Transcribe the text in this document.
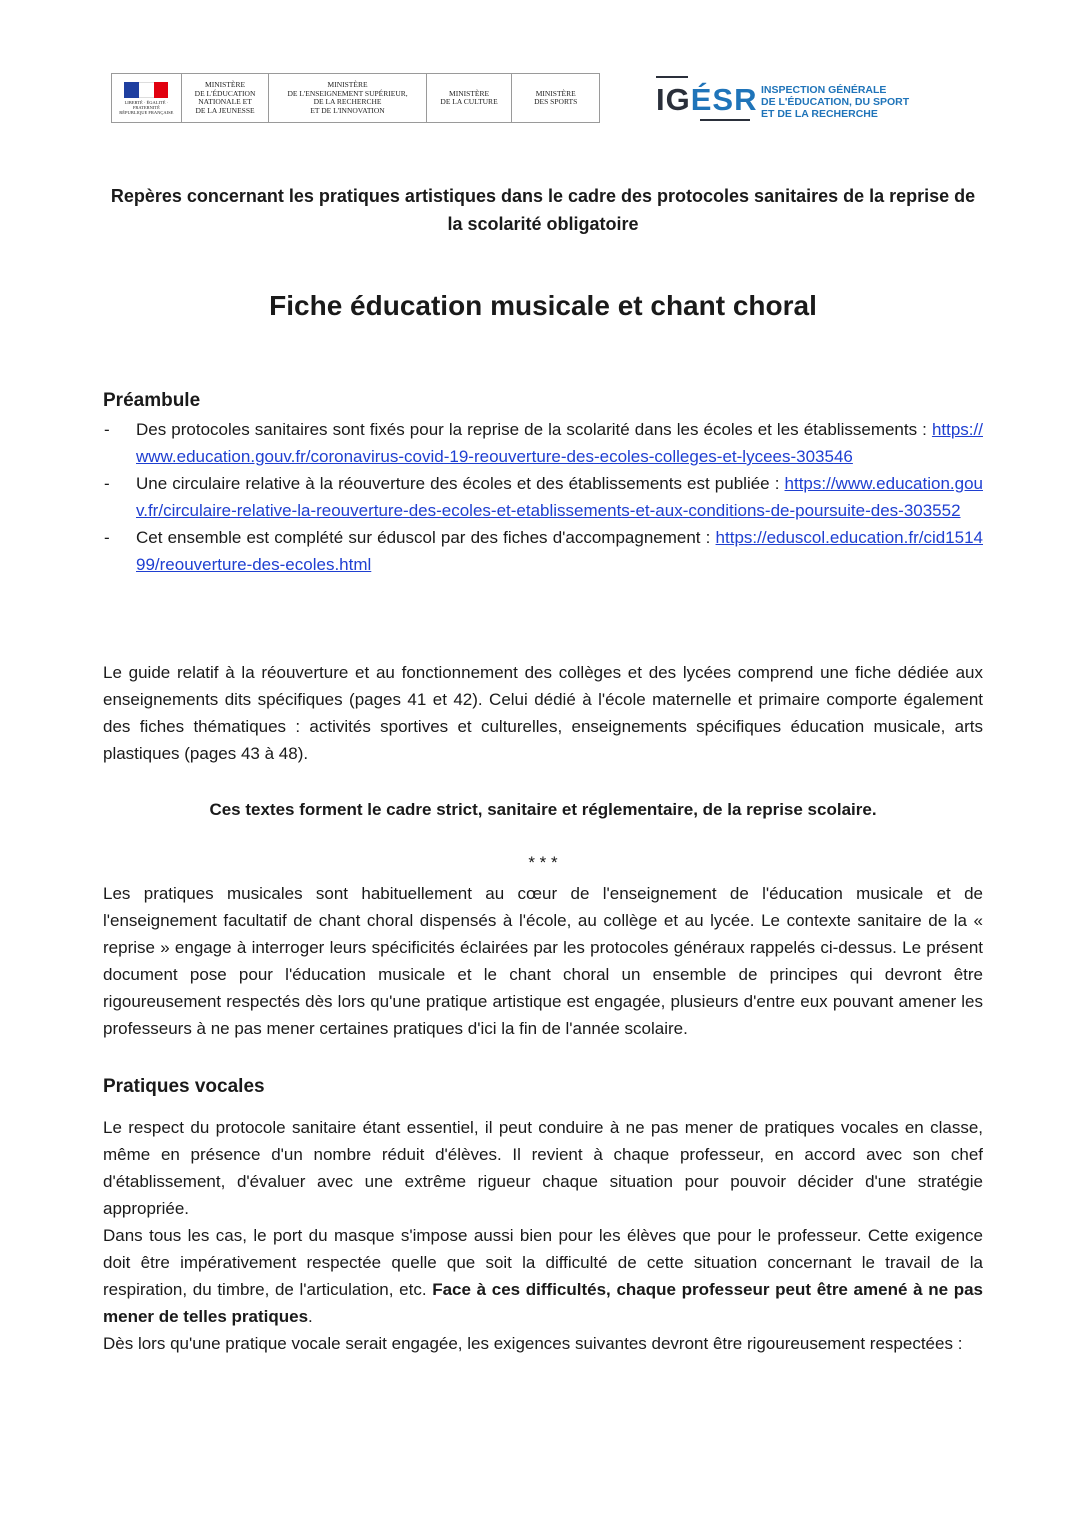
LIBERTÉ · ÉGALITÉ · FRATERNITÉ
RÉPUBLIQUE FRANÇAISE
MINISTÈRE
DE L'ÉDUCATION
NATIONALE ET
DE LA JEUNESSE
MINISTÈRE
DE L'ENSEIGNEMENT SUPÉRIEUR,
DE LA RECHERCHE
ET DE L'INNOVATION
MINISTÈRE
DE LA CULTURE
MINISTÈRE
DES SPORTS	IGÉSR INSPECTION GÉNÉRALE
DE L'ÉDUCATION, DU SPORT
ET DE LA RECHERCHE
Repères concernant les pratiques artistiques dans le cadre des protocoles sanitaires de la reprise de la scolarité obligatoire
Fiche éducation musicale et chant choral
Préambule
- Des protocoles sanitaires sont fixés pour la reprise de la scolarité dans les écoles et les établissements : https://www.education.gouv.fr/coronavirus-covid-19-reouverture-des-ecoles-colleges-et-lycees-303546
- Une circulaire relative à la réouverture des écoles et des établissements est publiée : https://www.education.gouv.fr/circulaire-relative-la-reouverture-des-ecoles-et-etablissements-et-aux-conditions-de-poursuite-des-303552
- Cet ensemble est complété sur éduscol par des fiches d'accompagnement : https://eduscol.education.fr/cid151499/reouverture-des-ecoles.html

Le guide relatif à la réouverture et au fonctionnement des collèges et des lycées comprend une fiche dédiée aux enseignements dits spécifiques (pages 41 et 42). Celui dédié à l'école maternelle et primaire comporte également des fiches thématiques : activités sportives et culturelles, enseignements spécifiques éducation musicale, arts plastiques (pages 43 à 48).

Ces textes forment le cadre strict, sanitaire et réglementaire, de la reprise scolaire.
* * *

Les pratiques musicales sont habituellement au cœur de l'enseignement de l'éducation musicale et de l'enseignement facultatif de chant choral dispensés à l'école, au collège et au lycée. Le contexte sanitaire de la « reprise » engage à interroger leurs spécificités éclairées par les protocoles généraux rappelés ci-dessus. Le présent document pose pour l'éducation musicale et le chant choral un ensemble de principes qui devront être rigoureusement respectés dès lors qu'une pratique artistique est engagée, plusieurs d'entre eux pouvant amener les professeurs à ne pas mener certaines pratiques d'ici la fin de l'année scolaire.

Pratiques vocales

Le respect du protocole sanitaire étant essentiel, il peut conduire à ne pas mener de pratiques vocales en classe, même en présence d'un nombre réduit d'élèves. Il revient à chaque professeur, en accord avec son chef d'établissement, d'évaluer avec une extrême rigueur chaque situation pour pouvoir décider d'une stratégie appropriée.

Dans tous les cas, le port du masque s'impose aussi bien pour les élèves que pour le professeur. Cette exigence doit être impérativement respectée quelle que soit la difficulté de cette situation concernant le travail de la respiration, du timbre, de l'articulation, etc. Face à ces difficultés, chaque professeur peut être amené à ne pas mener de telles pratiques.

Dès lors qu'une pratique vocale serait engagée, les exigences suivantes devront être rigoureusement respectées :
